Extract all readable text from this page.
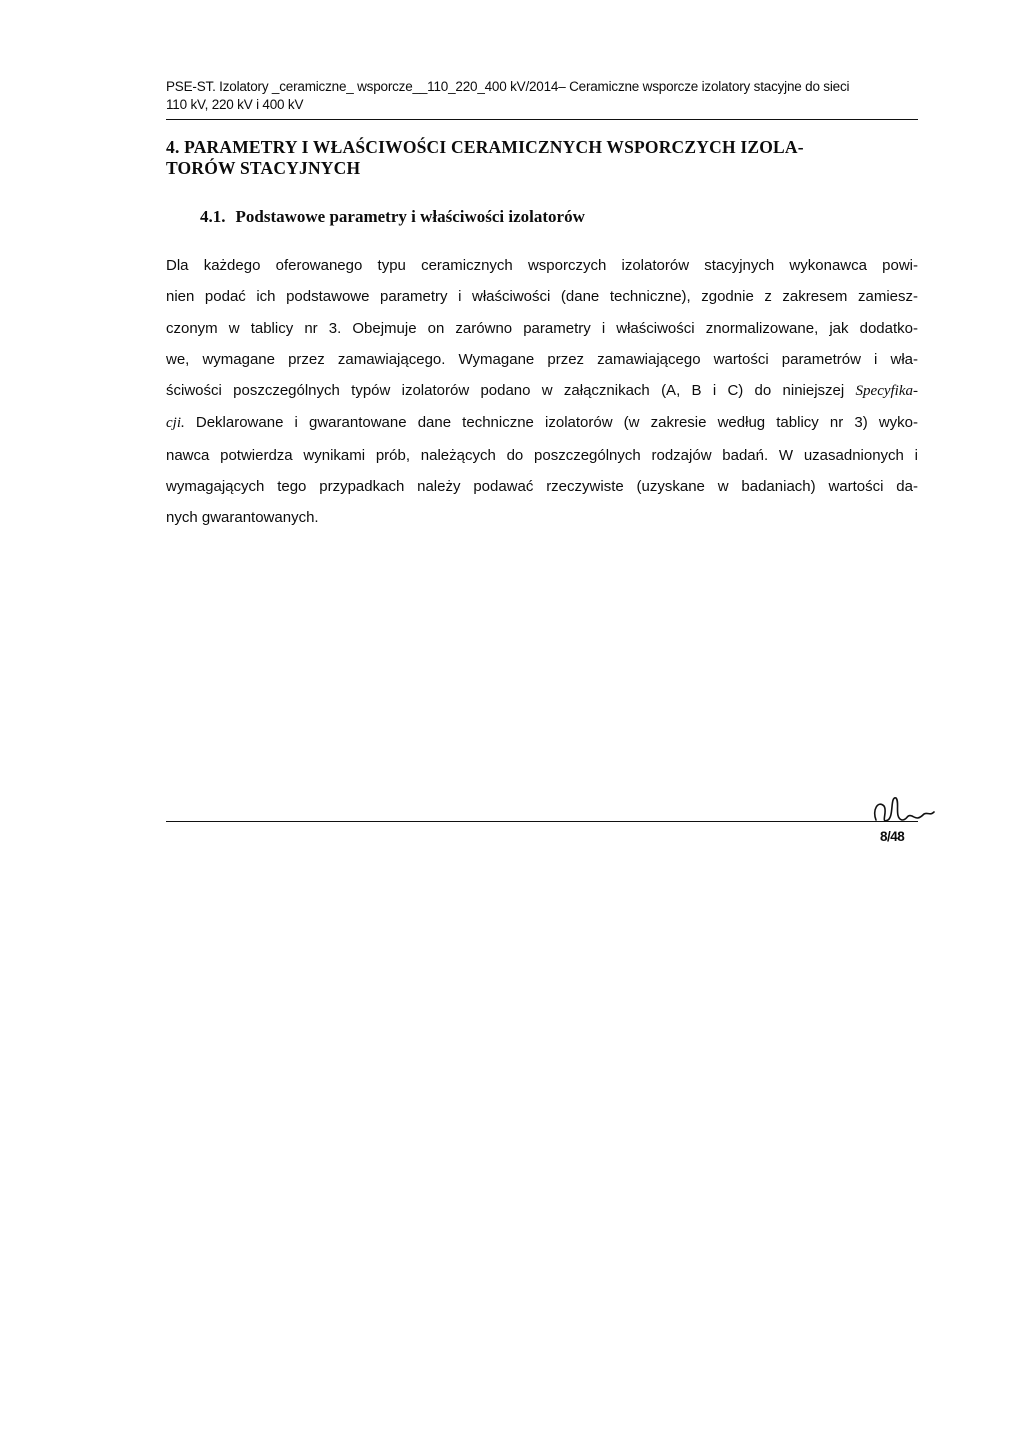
PSE-ST. Izolatory _ceramiczne_ wsporcze__110_220_400 kV/2014– Ceramiczne wsporcze izolatory stacyjne do sieci
110 kV, 220 kV i 400 kV
4. PARAMETRY I WŁAŚCIWOŚCI CERAMICZNYCH WSPORCZYCH IZOLA-
TORÓW STACYJNYCH
4.1. Podstawowe parametry i właściwości izolatorów
Dla każdego oferowanego typu ceramicznych wsporczych izolatorów stacyjnych wykonawca powi-
nien podać ich podstawowe parametry i właściwości (dane techniczne), zgodnie z zakresem zamiesz-
czonym w tablicy nr 3. Obejmuje on zarówno parametry i właściwości znormalizowane, jak dodatko-
we, wymagane przez zamawiającego. Wymagane przez zamawiającego wartości parametrów i wła-
ściwości poszczególnych typów izolatorów podano w załącznikach (A, B i C) do niniejszej Specyfika-
cji. Deklarowane i gwarantowane dane techniczne izolatorów (w zakresie według tablicy nr 3) wyko-
nawca potwierdza wynikami prób, należących do poszczególnych rodzajów badań. W uzasadnionych i
wymagających tego przypadkach należy podawać rzeczywiste (uzyskane w badaniach) wartości da-
nych gwarantowanych.
8/48
